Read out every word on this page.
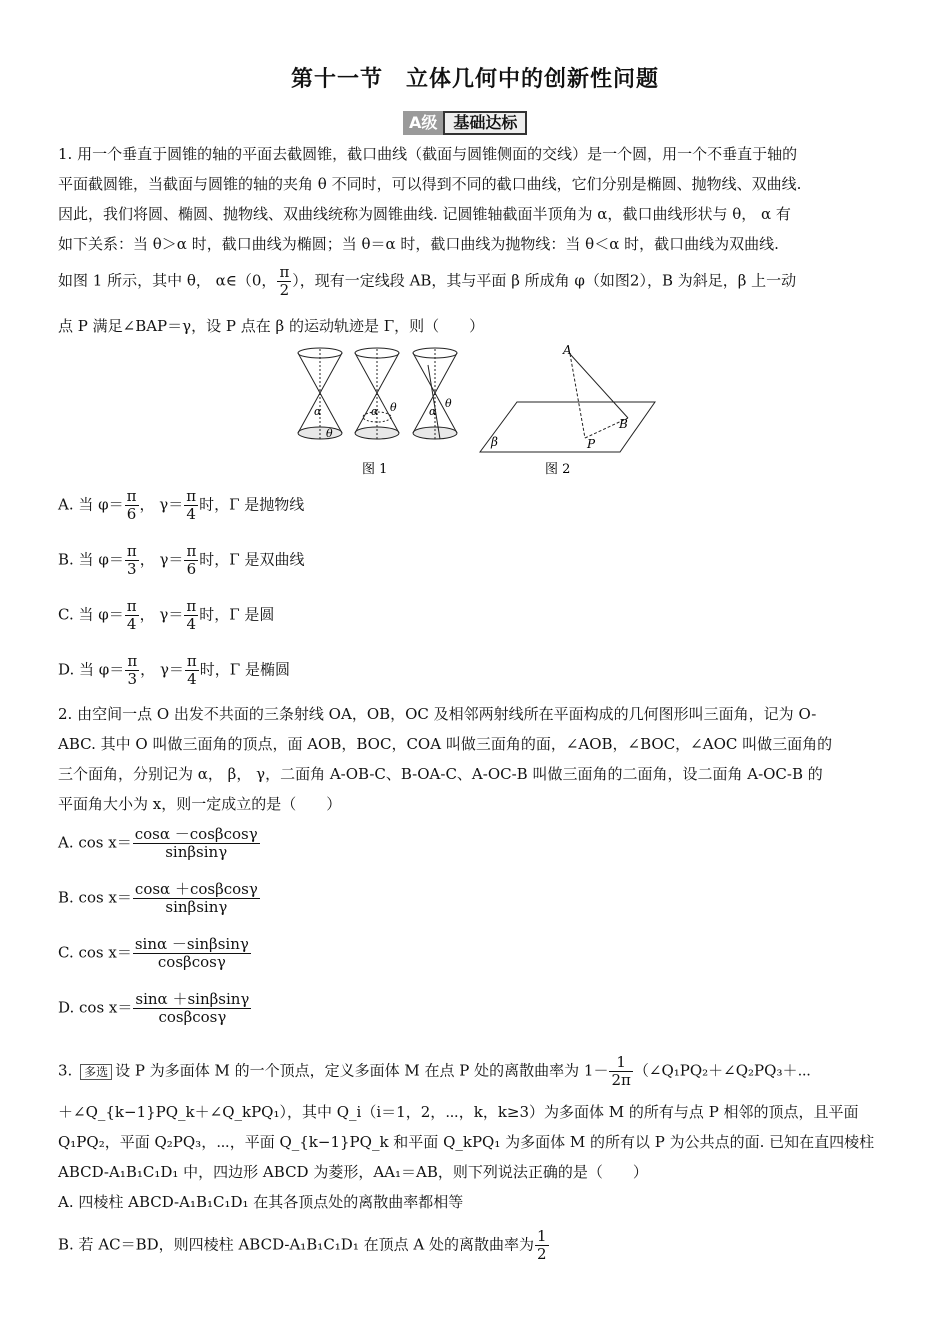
第十一节　立体几何中的创新性问题
A级	基础达标
1. 用一个垂直于圆锥的轴的平面去截圆锥，截口曲线（截面与圆锥侧面的交线）是一个圆，用一个不垂直于轴的
平面截圆锥，当截面与圆锥的轴的夹角 θ 不同时，可以得到不同的截口曲线，它们分别是椭圆、抛物线、双曲线.
因此，我们将圆、椭圆、抛物线、双曲线统称为圆锥曲线. 记圆锥轴截面半顶角为 α，截口曲线形状与 θ， α 有
如下关系：当 θ＞α 时，截口曲线为椭圆；当 θ＝α 时，截口曲线为抛物线：当 θ＜α 时，截口曲线为双曲线.
如图 1 所示，其中 θ， α∈（0， $\frac{\pi}{2}$ ），现有一定线段 AB，其与平面 β 所成角 φ（如图2），B 为斜足，β 上一动
点 P 满足∠BAP＝γ，设 P 点在 β 的运动轨迹是 Γ，则（　　）
α
θ
α θ	α
θ
图 1
A
B
P
β
图 2
A. 当 $\varphi= \frac{\pi}{6}$ ， $\gamma= \frac{\pi}{4}$ 时，Γ 是抛物线
B. 当 $\varphi= \frac{\pi}{3}$ ， $\gamma= \frac{\pi}{6}$ 时，Γ 是双曲线
C. 当 $\varphi= \frac{\pi}{4}$ ， $\gamma= \frac{\pi}{4}$ 时，Γ 是圆
D. 当 $\varphi= \frac{\pi}{3}$ ， $\gamma= \frac{\pi}{4}$ 时，Γ 是椭圆
2. 由空间一点 O 出发不共面的三条射线 OA，OB，OC 及相邻两射线所在平面构成的几何图形叫三面角，记为 O-
ABC. 其中 O 叫做三面角的顶点，面 AOB，BOC，COA 叫做三面角的面，∠AOB，∠BOC，∠AOC 叫做三面角的
三个面角，分别记为 α， β， γ，二面角 A-OB-C、B-OA-C、A-OC-B 叫做三面角的二面角，设二面角 A-OC-B 的
平面角大小为 x，则一定成立的是（　　）
A. $\cos x= \frac{\cos\alpha -\cos\beta\cos\gamma}{\sin\beta\sin\gamma}$
B. $\cos x= \frac{\cos\alpha +\cos\beta\cos\gamma}{\sin\beta\sin\gamma}$
C. $\cos x= \frac{\sin\alpha -\sin\beta\sin\gamma}{\cos\beta\cos\gamma}$
D. $\cos x= \frac{\sin\alpha +\sin\beta\sin\gamma}{\cos\beta\cos\gamma}$
3. 多选 设 P 为多面体 M 的一个顶点，定义多面体 M 在点 P 处的离散曲率为 $1- \frac{1}{2\pi}$ （∠Q₁PQ₂＋∠Q₂PQ₃＋⋯
＋∠Q_{k−1}PQ_k＋∠Q_kPQ₁），其中 Q_i（i＝1，2，⋯，k，k≥3）为多面体 M 的所有与点 P 相邻的顶点，且平面
Q₁PQ₂，平面 Q₂PQ₃，⋯，平面 Q_{k−1}PQ_k 和平面 Q_kPQ₁ 为多面体 M 的所有以 P 为公共点的面. 已知在直四棱柱
ABCD-A₁B₁C₁D₁ 中，四边形 ABCD 为菱形，AA₁＝AB，则下列说法正确的是（　　）
A. 四棱柱 ABCD-A₁B₁C₁D₁ 在其各顶点处的离散曲率都相等
B. 若 AC＝BD，则四棱柱 ABCD-A₁B₁C₁D₁ 在顶点 A 处的离散曲率为 $\frac{1}{2}$
